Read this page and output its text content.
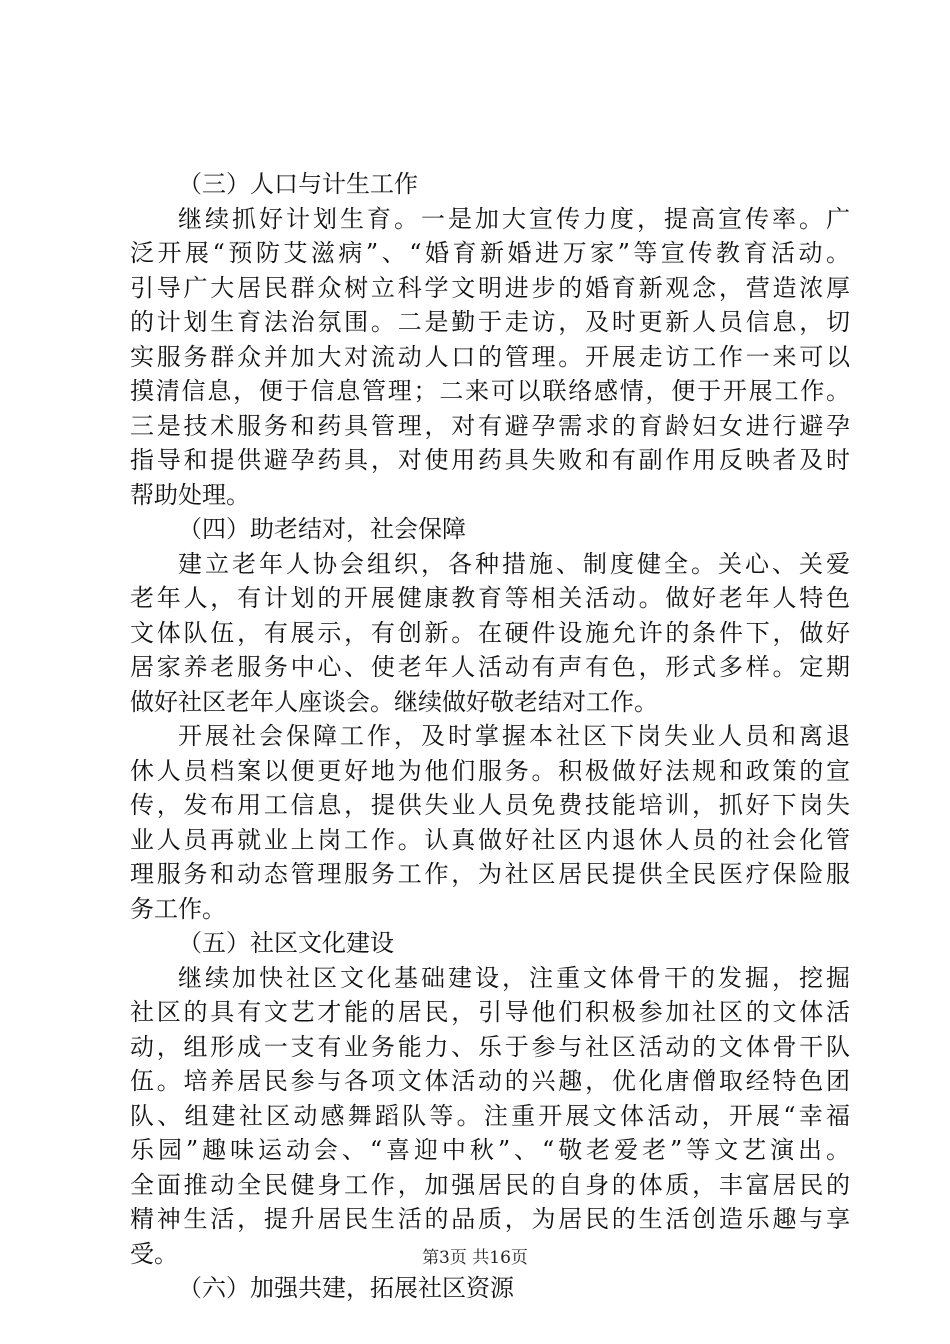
（三）人口与计生工作
继续抓好计划生育。一是加大宣传力度，提高宣传率。广
泛开展“预防艾滋病”、“婚育新婚进万家”等宣传教育活动。
引导广大居民群众树立科学文明进步的婚育新观念，营造浓厚
的计划生育法治氛围。二是勤于走访，及时更新人员信息，切
实服务群众并加大对流动人口的管理。开展走访工作一来可以
摸清信息，便于信息管理；二来可以联络感情，便于开展工作。
三是技术服务和药具管理，对有避孕需求的育龄妇女进行避孕
指导和提供避孕药具，对使用药具失败和有副作用反映者及时
帮助处理。
（四）助老结对，社会保障
建立老年人协会组织，各种措施、制度健全。关心、关爱
老年人，有计划的开展健康教育等相关活动。做好老年人特色
文体队伍，有展示，有创新。在硬件设施允许的条件下，做好
居家养老服务中心、使老年人活动有声有色，形式多样。定期
做好社区老年人座谈会。继续做好敬老结对工作。
开展社会保障工作，及时掌握本社区下岗失业人员和离退
休人员档案以便更好地为他们服务。积极做好法规和政策的宣
传，发布用工信息，提供失业人员免费技能培训，抓好下岗失
业人员再就业上岗工作。认真做好社区内退休人员的社会化管
理服务和动态管理服务工作，为社区居民提供全民医疗保险服
务工作。
（五）社区文化建设
继续加快社区文化基础建设，注重文体骨干的发掘，挖掘
社区的具有文艺才能的居民，引导他们积极参加社区的文体活
动，组形成一支有业务能力、乐于参与社区活动的文体骨干队
伍。培养居民参与各项文体活动的兴趣，优化唐僧取经特色团
队、组建社区动感舞蹈队等。注重开展文体活动，开展“幸福
乐园”趣味运动会、“喜迎中秋”、“敬老爱老”等文艺演出。
全面推动全民健身工作，加强居民的自身的体质，丰富居民的
精神生活，提升居民生活的品质，为居民的生活创造乐趣与享
受。
（六）加强共建，拓展社区资源
第3页 共16页
